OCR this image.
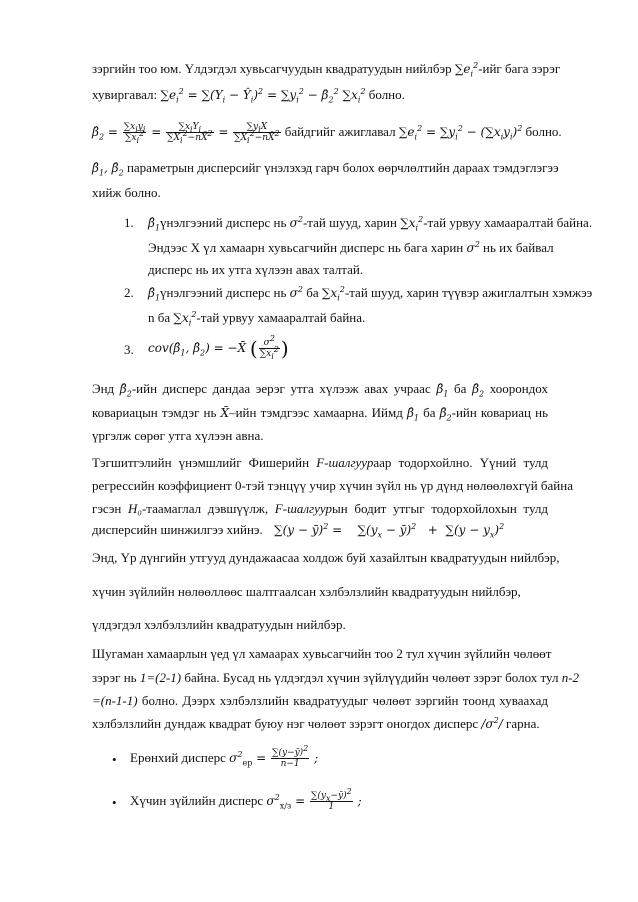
зэргийн тоо юм. Үлдэгдэл хувьсагчуудын квадратуудын нийлбэр $\sum e_i^2$-ийг бага зэрэг
хувиргавал: $\sum e_i^2 = \sum(Y_i$ − $Ŷ_i)^2 = \sum y_i^2$ − $\betâ_2^2$ $\sum x_i^2$ болно.
$\betâ_2 = \frac{\sum x_iy_i}{\sum x_i^2} = \frac{\sum x_iY_i}{\sum X_i^2-nX̄^2} = \frac{\sum y_iX}{\sum X_i^2-nX̄^2}$ байдгийг ажиглавал $\sum e_i^2 = \sum y_i^2 - (\sum x_iy_i)^2$ болно.
$\betâ_1$, $\betâ_2$ параметрын дисперсийг үнэлэхэд гарч болох өөрчлөлтийн дараах тэмдэглэгээ
хийж болно.
1. $\betâ_1үнэлгээний$ дисперс нь $\sigma^2$-тай шууд, харин $\sum x_i^2$-тай урвуу хамааралтай байна.
Эндээс X үл хамаарн хувьсагчийн дисперс нь бага харин $\sigma^2$ нь их байвал
дисперс нь их утга хүлээн авах талтай.
2. $\betâ_1үнэлгээний$ дисперс нь $\sigma^2$ ба $\sum x_i^2$-тай шууд, харин түүвэр ажиглалтын хэмжээ
n ба $\sum x_i^2$-тай урвуу хамааралтай байна.
3. $cov(\betâ_1$, $\betâ_2$) = −X̄ ( $\frac{\sigma^2}{\sum x_i^2}$ )
Энд $\betâ_2$-ийн дисперс дандаа эерэг утга хүлээж авах учраас $\betâ_1$ ба $\betâ_2$ хоорондох
ковариацын тэмдэг нь X̄–ийн тэмдгээс хамаарна. Иймд $\betâ_1$ ба $\betâ_2$-ийн ковариац нь
үргэлж сөрөг утга хүлээн авна.
Тэгшитгэлийн үнэмшлийг Фишерийн F-шалгуураар тодорхойлно. Үүний тулд
регрессийн коэффициент 0-тэй тэнцүү учир хүчин зүйл нь үр дүнд нөлөөлөхгүй байна
гэсэн H₀-таамаглал дэвшүүлж, F-шалгуурын бодит утгыг тодорхойлохын тулд
дисперсийн шинжилгээ хийнэ. ∑(y − ȳ)$^2$ =    $\sum(y_x$ − ȳ)$^2$   +  $\sum(y - y_x)^2$
Энд, Үр дүнгийн утгууд дундажаасаа холдож буй хазайлтын квадратуудын нийлбэр,
хүчин зүйлийн нөлөөллөөс шалтгаалсан хэлбэлзлийн квадратуудын нийлбэр,
үлдэгдэл хэлбэлзлийн квадратуудын нийлбэр.
Шугаман хамаарлын үед үл хамаарах хувьсагчийн тоо 2 тул хүчин зүйлийн чөлөөт
зэрэг нь 1=(2-1) байна. Бусад нь үлдэгдэл хүчин зүйлүүдийн чөлөөт зэрэг болох тул n-2
=(n-1-1) болно. Дээрх хэлбэлзлийн квадратуудыг чөлөөт зэргийн тоонд хуваахад
хэлбэлзлийн дундаж квадрат буюу нэг чөлөөт зэрэгт оногдох дисперс $/\sigma^2/$ гарна.
• Ерөнхий дисперс $\sigma^2_{ер} = \frac{\sum(y-ȳ)^2}{n-1}$ ;
• Хүчин зүйлийн дисперс $\sigma^2_{х/з} = \frac{\sum(y_x-ȳ)^2}{1}$ ;
